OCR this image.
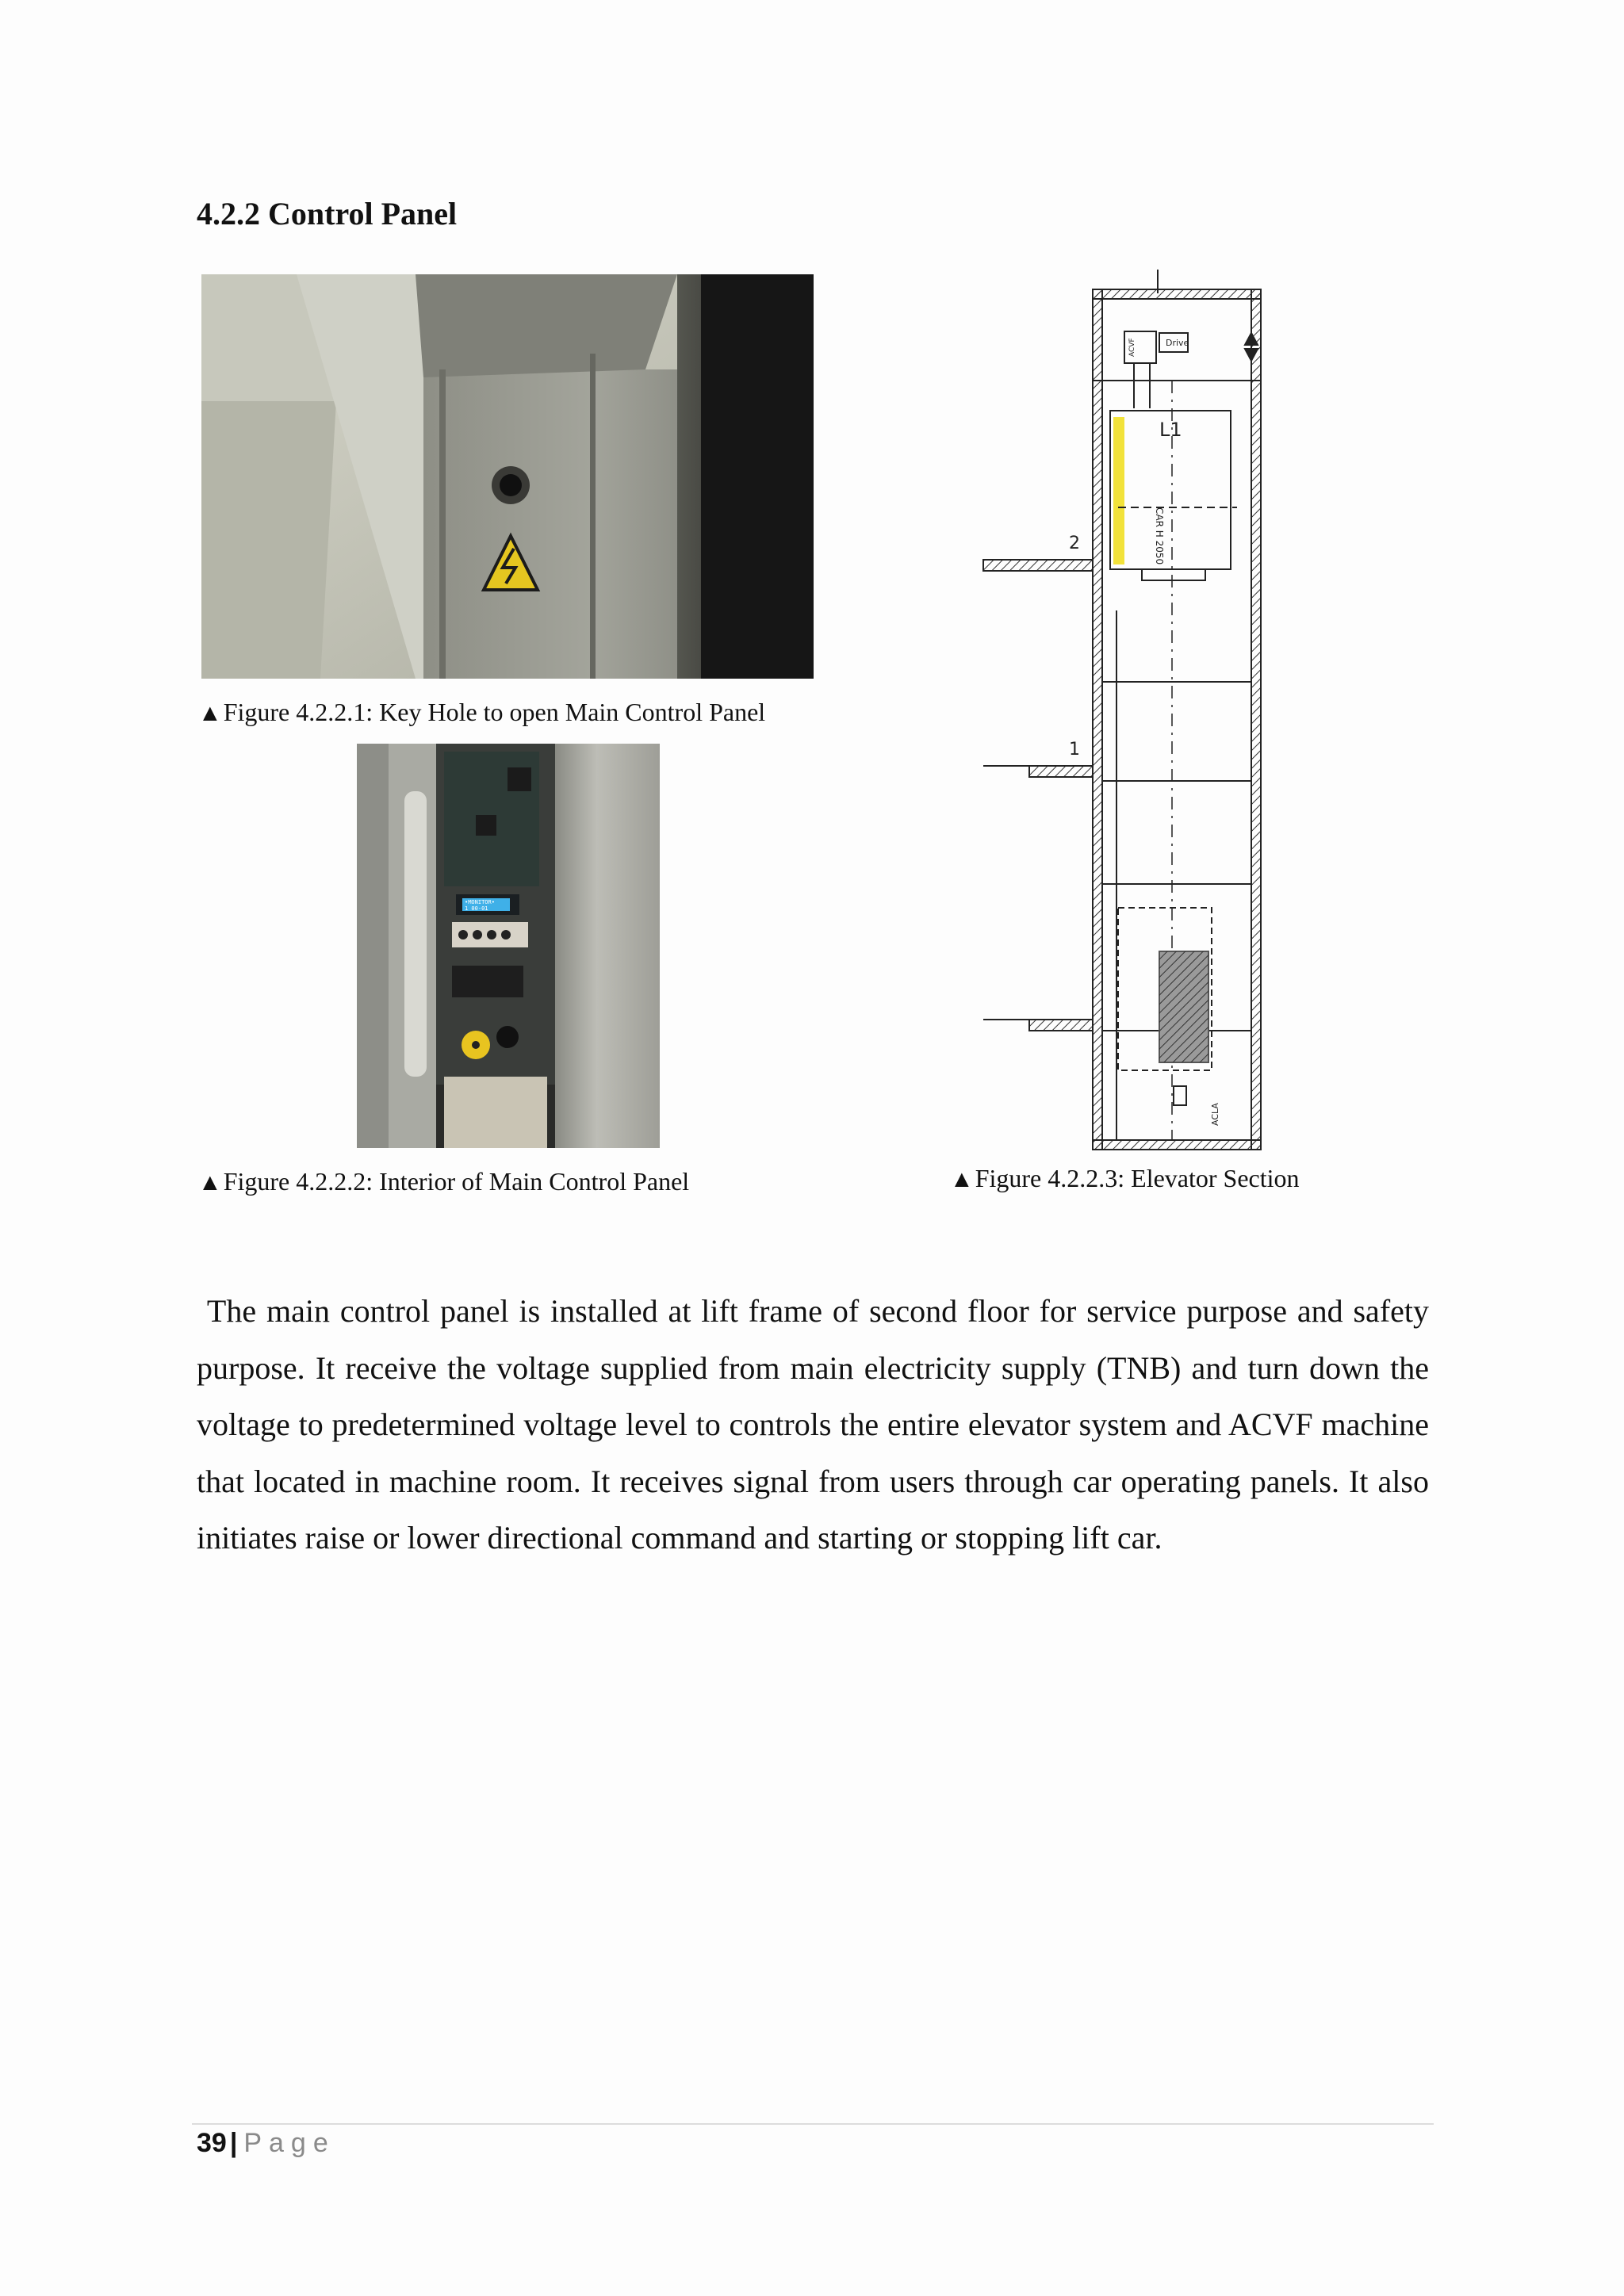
4.2.2 Control Panel
▲Figure 4.2.2.1: Key Hole to open Main Control Panel
•MONITOR•
1 00-01
▲Figure 4.2.2.2: Interior of Main Control Panel
Drive
ACVF
L1
CAR H 2050
2
1
ACLA
▲Figure 4.2.2.3: Elevator Section
The main control panel is installed at lift frame of second floor for service purpose and safety purpose. It receive the voltage supplied from main electricity supply (TNB) and turn down the voltage to predetermined voltage level to controls the entire elevator system and ACVF machine that located in machine room. It receives signal from users through car operating panels. It also initiates raise or lower directional command and starting or stopping lift car.
39 | Page
